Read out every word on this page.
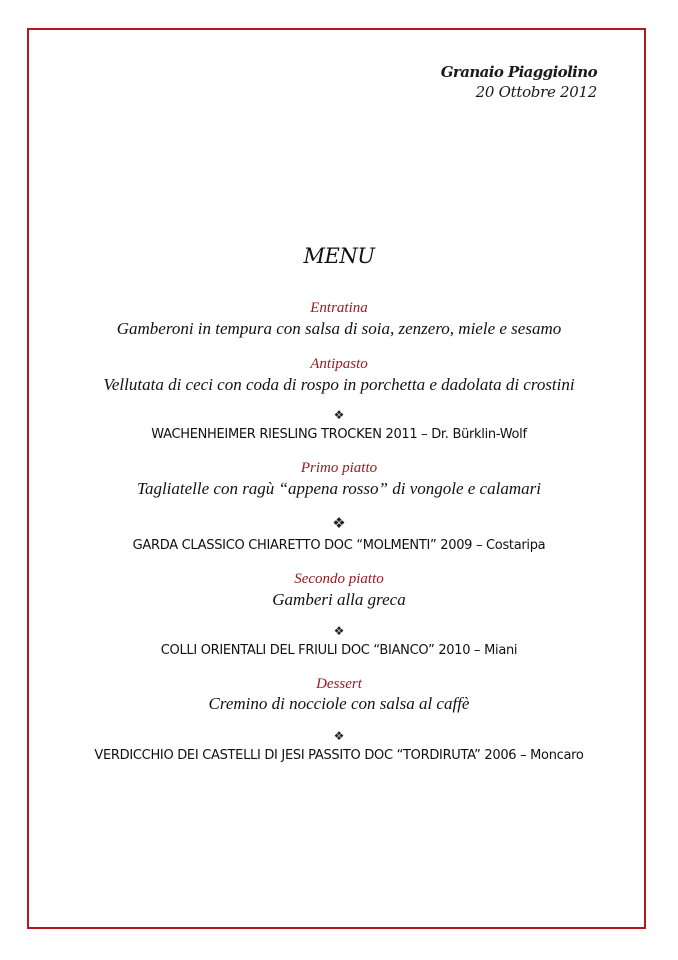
Granaio Piaggiolino
20 Ottobre 2012
MENU
Entratina
Gamberoni in tempura con salsa di soia, zenzero, miele e sesamo
Antipasto
Vellutata di ceci con coda di rospo in porchetta e dadolata di crostini
❖
WACHENHEIMER RIESLING TROCKEN 2011 – Dr. Bürklin-Wolf
Primo piatto
Tagliatelle con ragù “appena rosso” di vongole e calamari
❖
GARDA CLASSICO CHIARETTO DOC “MOLMENTI” 2009 – Costaripa
Secondo piatto
Gamberi alla greca
❖
COLLI ORIENTALI DEL FRIULI DOC “BIANCO” 2010 – Miani
Dessert
Cremino di nocciole con salsa al caffè
❖
VERDICCHIO DEI CASTELLI DI JESI PASSITO DOC “TORDIRUTA” 2006 – Moncaro
